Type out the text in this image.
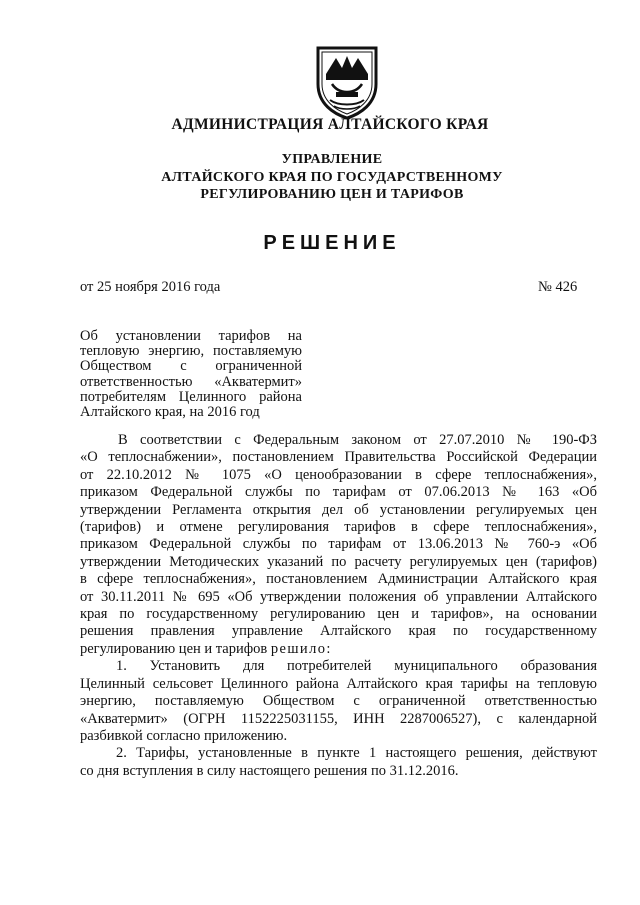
АДМИНИСТРАЦИЯ АЛТАЙСКОГО КРАЯ
УПРАВЛЕНИЕ
АЛТАЙСКОГО КРАЯ ПО ГОСУДАРСТВЕННОМУ
РЕГУЛИРОВАНИЮ ЦЕН И ТАРИФОВ
РЕШЕНИЕ
от 25 ноября 2016 года	№ 426
Об установлении тарифов на
тепловую энергию, поставляемую
Обществом с ограниченной
ответственностью «Акватермит»
потребителям Целинного района
Алтайского края, на 2016 год
В соответствии с Федеральным законом от 27.07.2010 № 190-ФЗ
«О теплоснабжении», постановлением Правительства Российской Федерации
от 22.10.2012 № 1075 «О ценообразовании в сфере теплоснабжения»,
приказом Федеральной службы по тарифам от 07.06.2013 № 163 «Об
утверждении Регламента открытия дел об установлении регулируемых цен
(тарифов) и отмене регулирования тарифов в сфере теплоснабжения»,
приказом Федеральной службы по тарифам от 13.06.2013 № 760-э «Об
утверждении Методических указаний по расчету регулируемых цен (тарифов)
в сфере теплоснабжения», постановлением Администрации Алтайского края
от 30.11.2011 № 695 «Об утверждении положения об управлении Алтайского
края по государственному регулированию цен и тарифов», на основании
решения правления управление Алтайского края по государственному
регулированию цен и тарифов решило:
1. Установить для потребителей муниципального образования
Целинный сельсовет Целинного района Алтайского края тарифы на тепловую
энергию, поставляемую Обществом с ограниченной ответственностью
«Акватермит» (ОГРН 1152225031155, ИНН 2287006527), с календарной
разбивкой согласно приложению.
2. Тарифы, установленные в пункте 1 настоящего решения, действуют
со дня вступления в силу настоящего решения по 31.12.2016.
